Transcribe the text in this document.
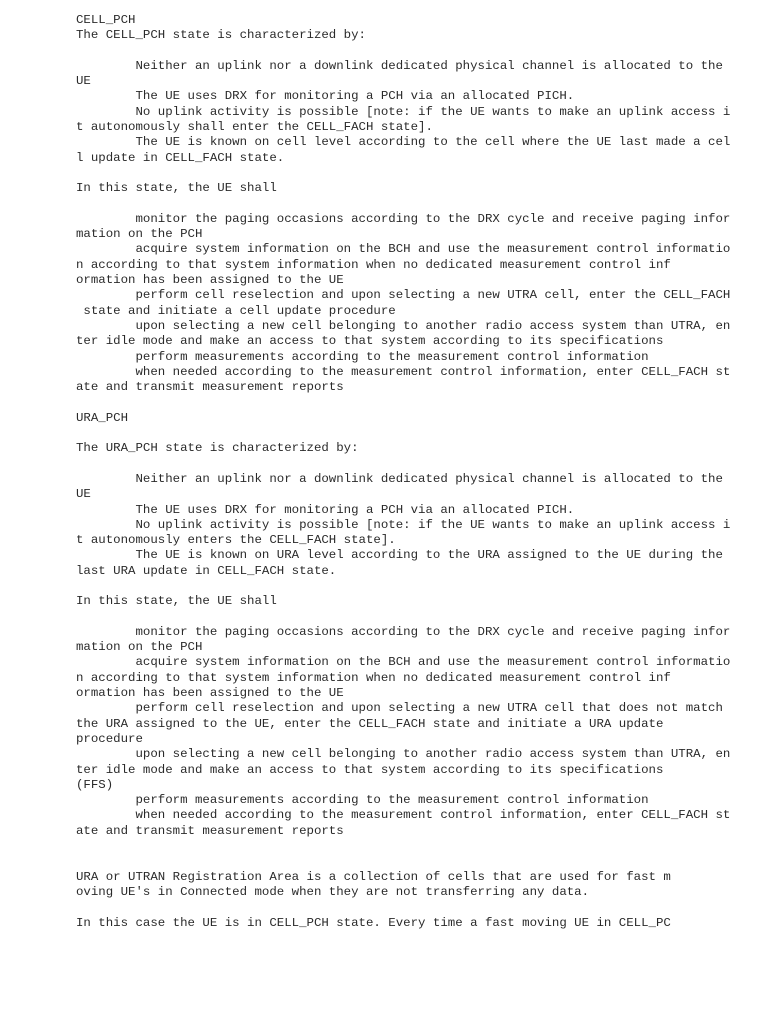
CELL_PCH
The CELL_PCH state is characterized by:
Neither an uplink nor a downlink dedicated physical channel is allocated to the
UE
The UE uses DRX for monitoring a PCH via an allocated PICH.
No uplink activity is possible [note: if the UE wants to make an uplink access i
t autonomously shall enter the CELL_FACH state].
The UE is known on cell level according to the cell where the UE last made a cel
l update in CELL_FACH state.
In this state, the UE shall
monitor the paging occasions according to the DRX cycle and receive paging infor
mation on the PCH
acquire system information on the BCH and use the measurement control informatio
n according to that system information when no dedicated measurement control inf
ormation has been assigned to the UE
perform cell reselection and upon selecting a new UTRA cell, enter the CELL_FACH
state and initiate a cell update procedure
upon selecting a new cell belonging to another radio access system than UTRA, en
ter idle mode and make an access to that system according to its specifications
perform measurements according to the measurement control information
when needed according to the measurement control information, enter CELL_FACH st
ate and transmit measurement reports
URA_PCH
The URA_PCH state is characterized by:
Neither an uplink nor a downlink dedicated physical channel is allocated to the
UE
The UE uses DRX for monitoring a PCH via an allocated PICH.
No uplink activity is possible [note: if the UE wants to make an uplink access i
t autonomously enters the CELL_FACH state].
The UE is known on URA level according to the URA assigned to the UE during the
last URA update in CELL_FACH state.
In this state, the UE shall
monitor the paging occasions according to the DRX cycle and receive paging infor
mation on the PCH
acquire system information on the BCH and use the measurement control informatio
n according to that system information when no dedicated measurement control inf
ormation has been assigned to the UE
perform cell reselection and upon selecting a new UTRA cell that does not match
the URA assigned to the UE, enter the CELL_FACH state and initiate a URA update
procedure
upon selecting a new cell belonging to another radio access system than UTRA, en
ter idle mode and make an access to that system according to its specifications
(FFS)
perform measurements according to the measurement control information
when needed according to the measurement control information, enter CELL_FACH st
ate and transmit measurement reports
URA or UTRAN Registration Area is a collection of cells that are used for fast m
oving UE's in Connected mode when they are not transferring any data.
In this case the UE is in CELL_PCH state. Every time a fast moving UE in CELL_PC
